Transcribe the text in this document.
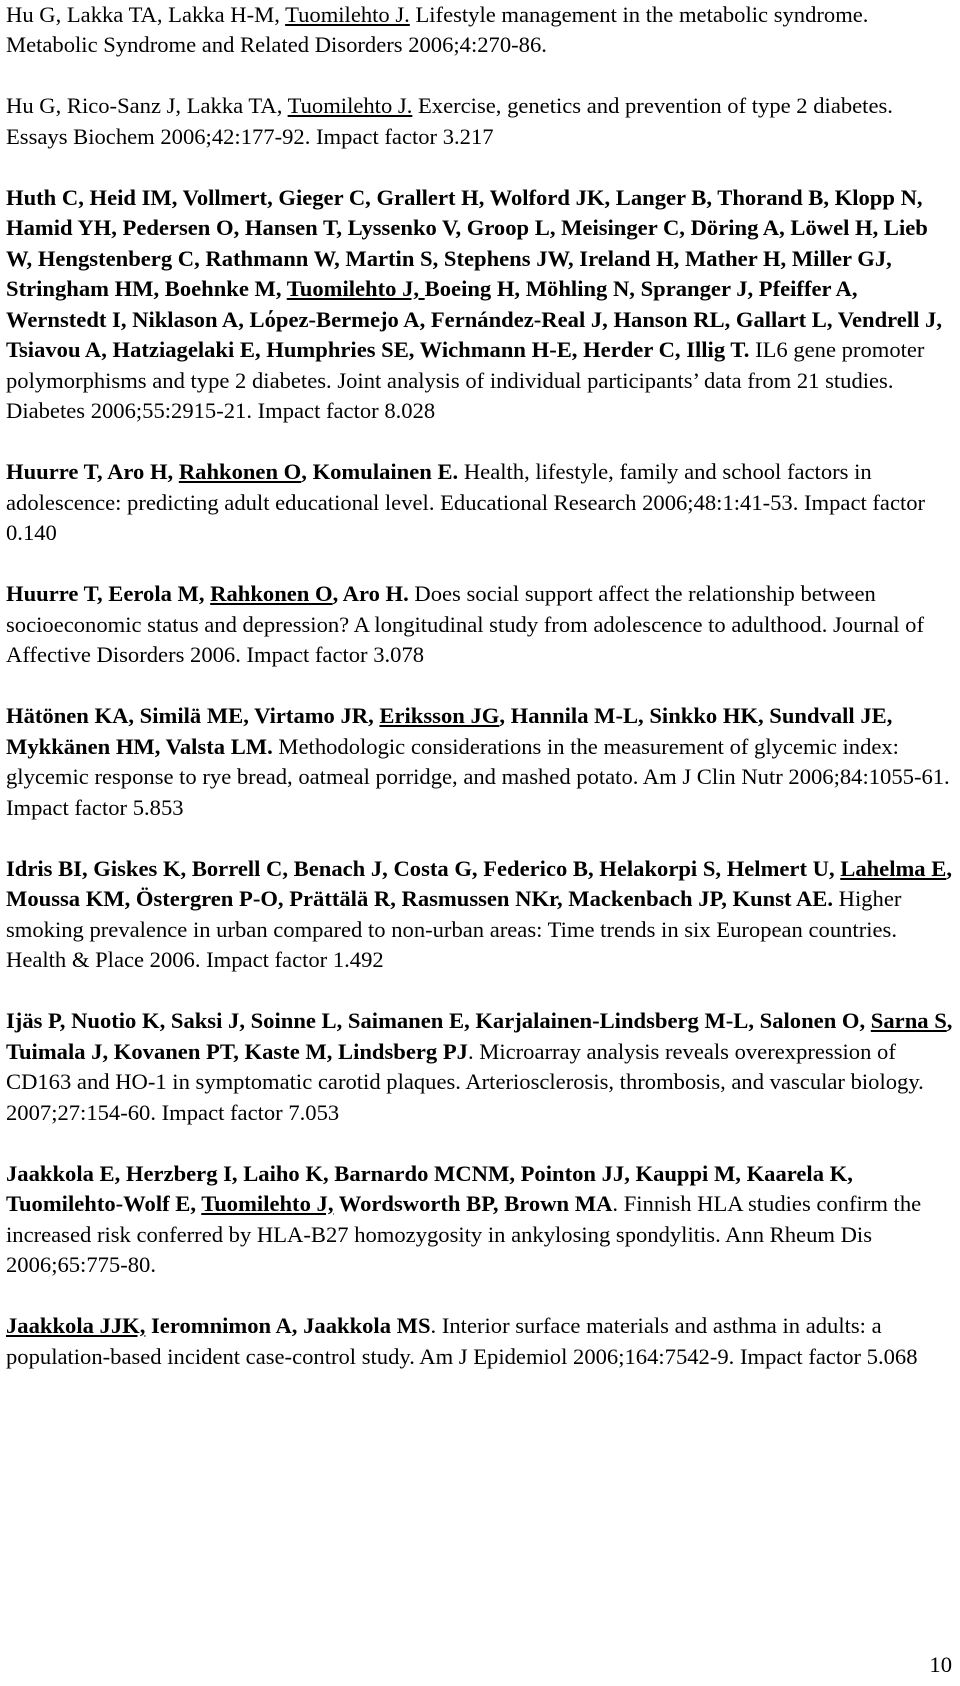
Hu G, Lakka TA, Lakka H-M, Tuomilehto J. Lifestyle management in the metabolic syndrome. Metabolic Syndrome and Related Disorders 2006;4:270-86.

Hu G, Rico-Sanz J, Lakka TA, Tuomilehto J. Exercise, genetics and prevention of type 2 diabetes. Essays Biochem 2006;42:177-92. Impact factor 3.217

Huth C, Heid IM, Vollmert, Gieger C, Grallert H, Wolford JK, Langer B, Thorand B, Klopp N, Hamid YH, Pedersen O, Hansen T, Lyssenko V, Groop L, Meisinger C, Döring A, Löwel H, Lieb W, Hengstenberg C, Rathmann W, Martin S, Stephens JW, Ireland H, Mather H, Miller GJ, Stringham HM, Boehnke M, Tuomilehto J, Boeing H, Möhling N, Spranger J, Pfeiffer A, Wernstedt I, Niklason A, Lόpez-Bermejo A, Fernández-Real J, Hanson RL, Gallart L, Vendrell J, Tsiavou A, Hatziagelaki E, Humphries SE, Wichmann H-E, Herder C, Illig T. IL6 gene promoter polymorphisms and type 2 diabetes. Joint analysis of individual participants’ data from 21 studies. Diabetes 2006;55:2915-21. Impact factor 8.028

Huurre T, Aro H, Rahkonen O, Komulainen E. Health, lifestyle, family and school factors in adolescence: predicting adult educational level. Educational Research 2006;48:1:41-53. Impact factor 0.140

Huurre T, Eerola M, Rahkonen O, Aro H. Does social support affect the relationship between socioeconomic status and depression? A longitudinal study from adolescence to adulthood. Journal of Affective Disorders 2006. Impact factor 3.078

Hätönen KA, Similä ME, Virtamo JR, Eriksson JG, Hannila M-L, Sinkko HK, Sundvall JE, Mykkänen HM, Valsta LM. Methodologic considerations in the measurement of glycemic index: glycemic response to rye bread, oatmeal porridge, and mashed potato. Am J Clin Nutr 2006;84:1055-61. Impact factor 5.853

Idris BI, Giskes K, Borrell C, Benach J, Costa G, Federico B, Helakorpi S, Helmert U, Lahelma E, Moussa KM, Östergren P-O, Prättälä R, Rasmussen NKr, Mackenbach JP, Kunst AE. Higher smoking prevalence in urban compared to non-urban areas: Time trends in six European countries. Health & Place 2006. Impact factor 1.492

Ijäs P, Nuotio K, Saksi J, Soinne L, Saimanen E, Karjalainen-Lindsberg M-L, Salonen O, Sarna S, Tuimala J, Kovanen PT, Kaste M, Lindsberg PJ. Microarray analysis reveals overexpression of CD163 and HO-1 in symptomatic carotid plaques. Arteriosclerosis, thrombosis, and vascular biology. 2007;27:154-60. Impact factor 7.053

Jaakkola E, Herzberg I, Laiho K, Barnardo MCNM, Pointon JJ, Kauppi M, Kaarela K, Tuomilehto-Wolf E, Tuomilehto J, Wordsworth BP, Brown MA. Finnish HLA studies confirm the increased risk conferred by HLA-B27 homozygosity in ankylosing spondylitis. Ann Rheum Dis 2006;65:775-80.

Jaakkola JJK, Ieromnimon A, Jaakkola MS. Interior surface materials and asthma in adults: a population-based incident case-control study. Am J Epidemiol 2006;164:7542-9. Impact factor 5.068

10
